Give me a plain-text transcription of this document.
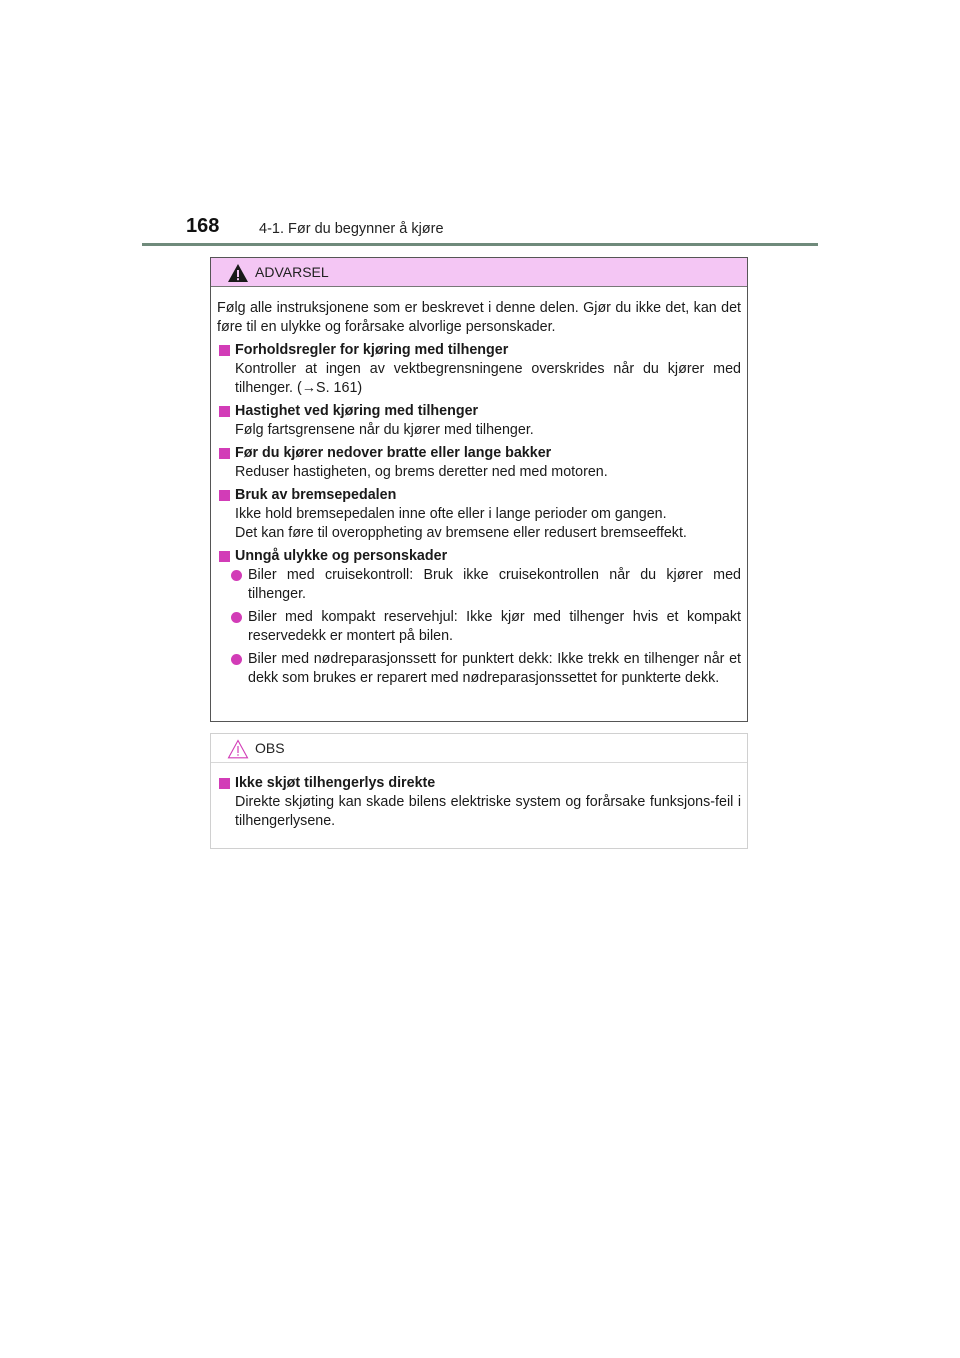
168	4-1. Før du begynner å kjøre
ADVARSEL

Følg alle instruksjonene som er beskrevet i denne delen. Gjør du ikke det, kan det føre til en ulykke og forårsake alvorlige personskader.

Forholdsregler for kjøring med tilhenger
Kontroller at ingen av vektbegrensningene overskrides når du kjører med tilhenger. (→S. 161)
Hastighet ved kjøring med tilhenger
Følg fartsgrensene når du kjører med tilhenger.
Før du kjører nedover bratte eller lange bakker
Reduser hastigheten, og brems deretter ned med motoren.
Bruk av bremsepedalen
Ikke hold bremsepedalen inne ofte eller i lange perioder om gangen.
Det kan føre til overoppheting av bremsene eller redusert bremseeffekt.
Unngå ulykke og personskader
Biler med cruisekontroll: Bruk ikke cruisekontrollen når du kjører med tilhenger.
Biler med kompakt reservehjul: Ikke kjør med tilhenger hvis et kompakt reservedekk er montert på bilen.
Biler med nødreparasjonssett for punktert dekk: Ikke trekk en tilhenger når et dekk som brukes er reparert med nødreparasjonssettet for punkterte dekk.
OBS
Ikke skjøt tilhengerlys direkte
Direkte skjøting kan skade bilens elektriske system og forårsake funksjons-feil i tilhengerlysene.
